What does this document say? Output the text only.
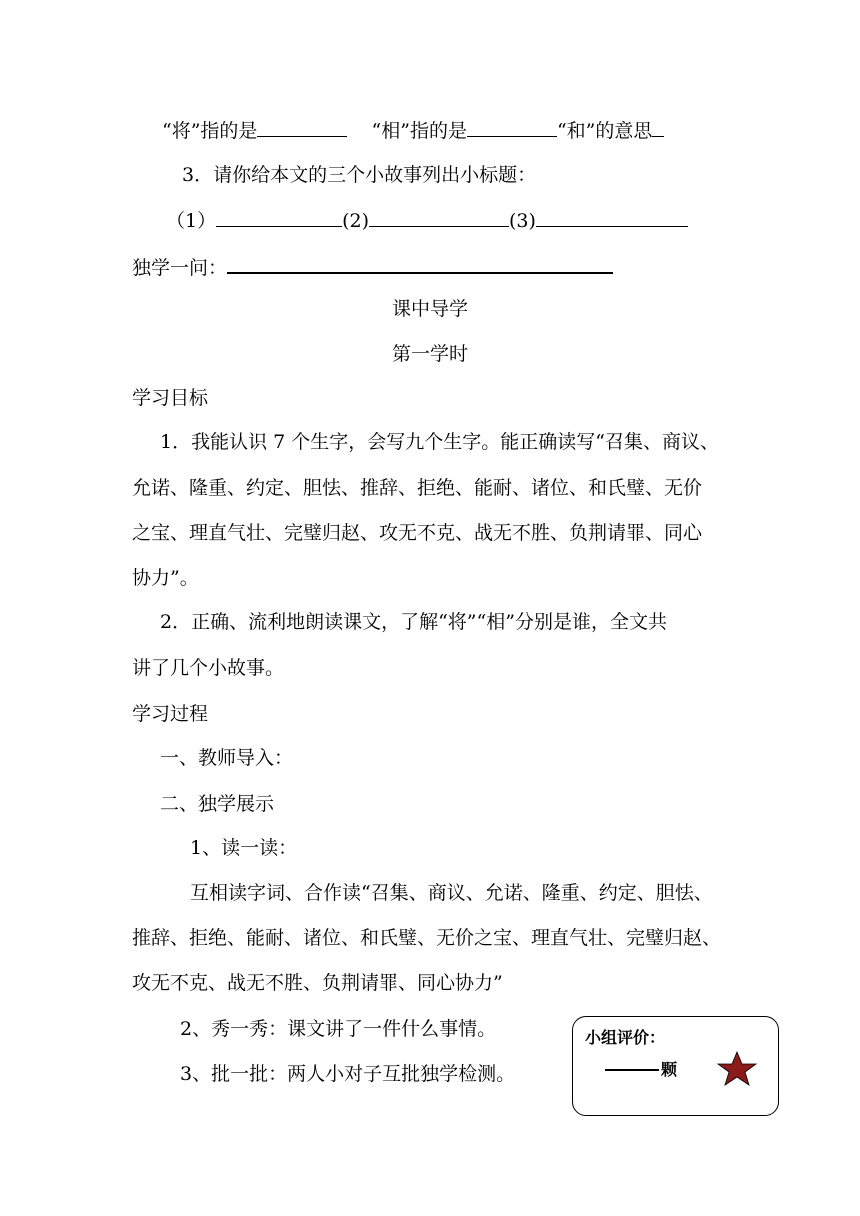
“将”指的是	“相”指的是	“和”的意思
3．请你给本文的三个小故事列出小标题：
（1）	(2)	(3)
独学一问：
课中导学
第一学时
学习目标
1．我能认识 7 个生字，会写九个生字。能正确读写“召集、商议、
允诺、隆重、约定、胆怯、推辞、拒绝、能耐、诸位、和氏璧、无价
之宝、理直气壮、完璧归赵、攻无不克、战无不胜、负荆请罪、同心
协力”。
2．正确、流利地朗读课文，了解“将”“相”分别是谁，全文共
讲了几个小故事。
学习过程
一、教师导入：
二、独学展示
1、读一读：
互相读字词、合作读“召集、商议、允诺、隆重、约定、胆怯、
推辞、拒绝、能耐、诸位、和氏璧、无价之宝、理直气壮、完璧归赵、
攻无不克、战无不胜、负荆请罪、同心协力”
2、秀一秀：课文讲了一件什么事情。
3、批一批：两人小对子互批独学检测。
小组评价：
颗
